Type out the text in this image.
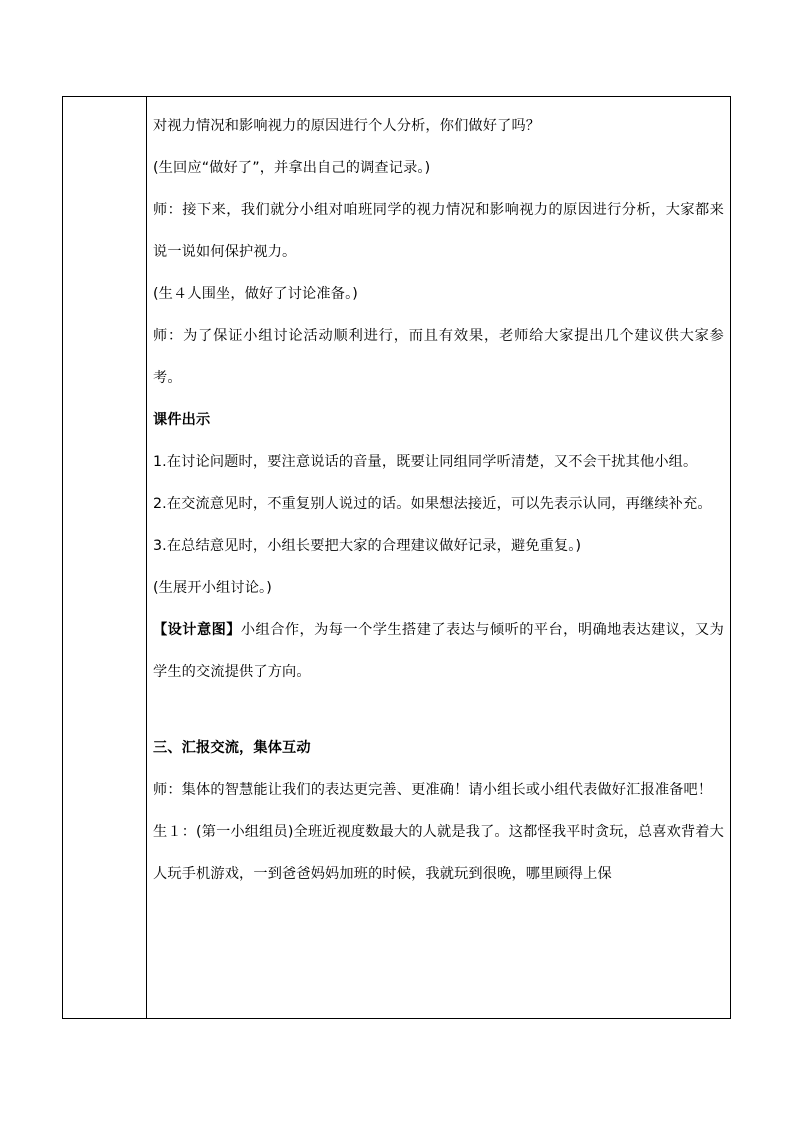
对视力情况和影响视力的原因进行个人分析，你们做好了吗？

(生回应“做好了”，并拿出自己的调查记录。)

师：接下来，我们就分小组对咱班同学的视力情况和影响视力的原因进行分析，大家都来说一说如何保护视力。

(生４人围坐，做好了讨论准备。)

师：为了保证小组讨论活动顺利进行，而且有效果，老师给大家提出几个建议供大家参考。

课件出示

1.在讨论问题时，要注意说话的音量，既要让同组同学听清楚，又不会干扰其他小组。

2.在交流意见时，不重复别人说过的话。如果想法接近，可以先表示认同，再继续补充。

3.在总结意见时，小组长要把大家的合理建议做好记录，避免重复。)

(生展开小组讨论。)

【设计意图】小组合作，为每一个学生搭建了表达与倾听的平台，明确地表达建议，又为学生的交流提供了方向。

三、汇报交流，集体互动

师：集体的智慧能让我们的表达更完善、更准确！请小组长或小组代表做好汇报准备吧！

生１：(第一小组组员)全班近视度数最大的人就是我了。这都怪我平时贪玩，总喜欢背着大人玩手机游戏，一到爸爸妈妈加班的时候，我就玩到很晚，哪里顾得上保
